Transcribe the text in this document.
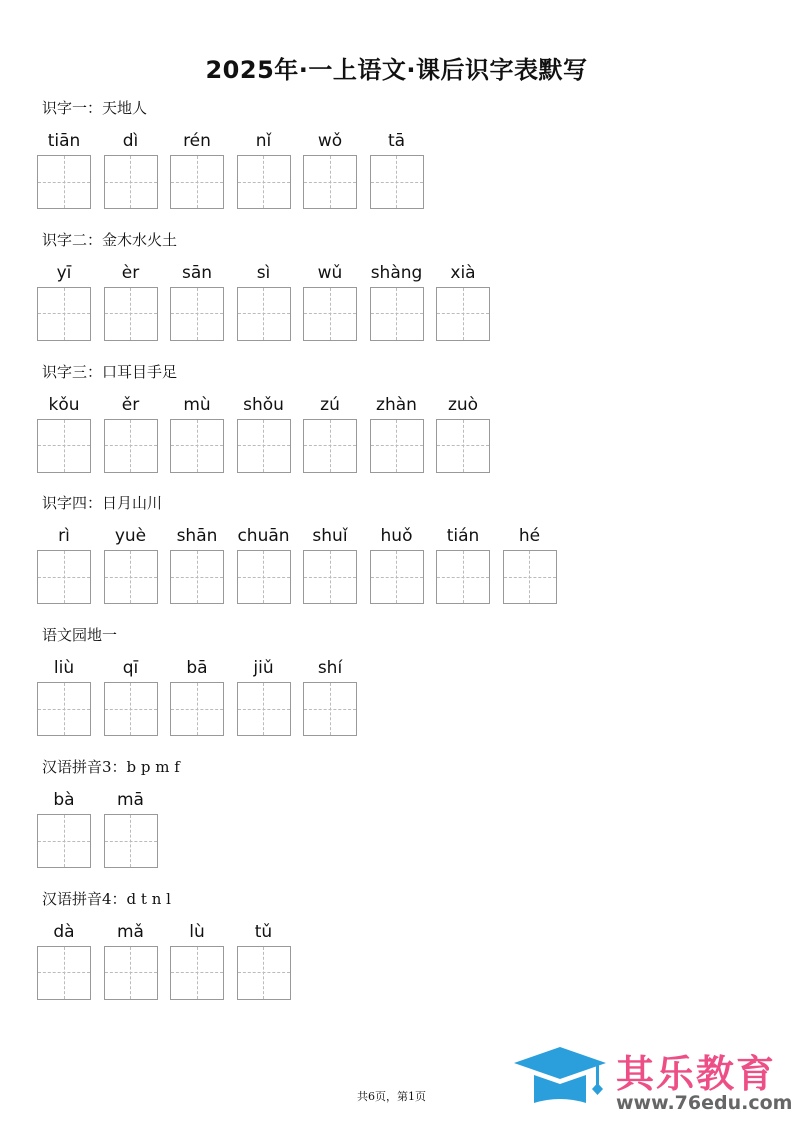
2025年·一上语文·课后识字表默写
识字一：天地人
tiān	dì	rén	nǐ	wǒ	tā
识字二：金木水火土
yī	èr	sān	sì	wǔ	shàng	xià
识字三：口耳目手足
kǒu	ěr	mù	shǒu	zú	zhàn	zuò
识字四：日月山川
rì	yuè	shān	chuān	shuǐ	huǒ	tián	hé
语文园地一
liù	qī	bā	jiǔ	shí
汉语拼音3：b p m f
bà	mā
汉语拼音4：d t n l
dà	mǎ	lù	tǔ
共6页，第1页
其乐教育
www.76edu.com
